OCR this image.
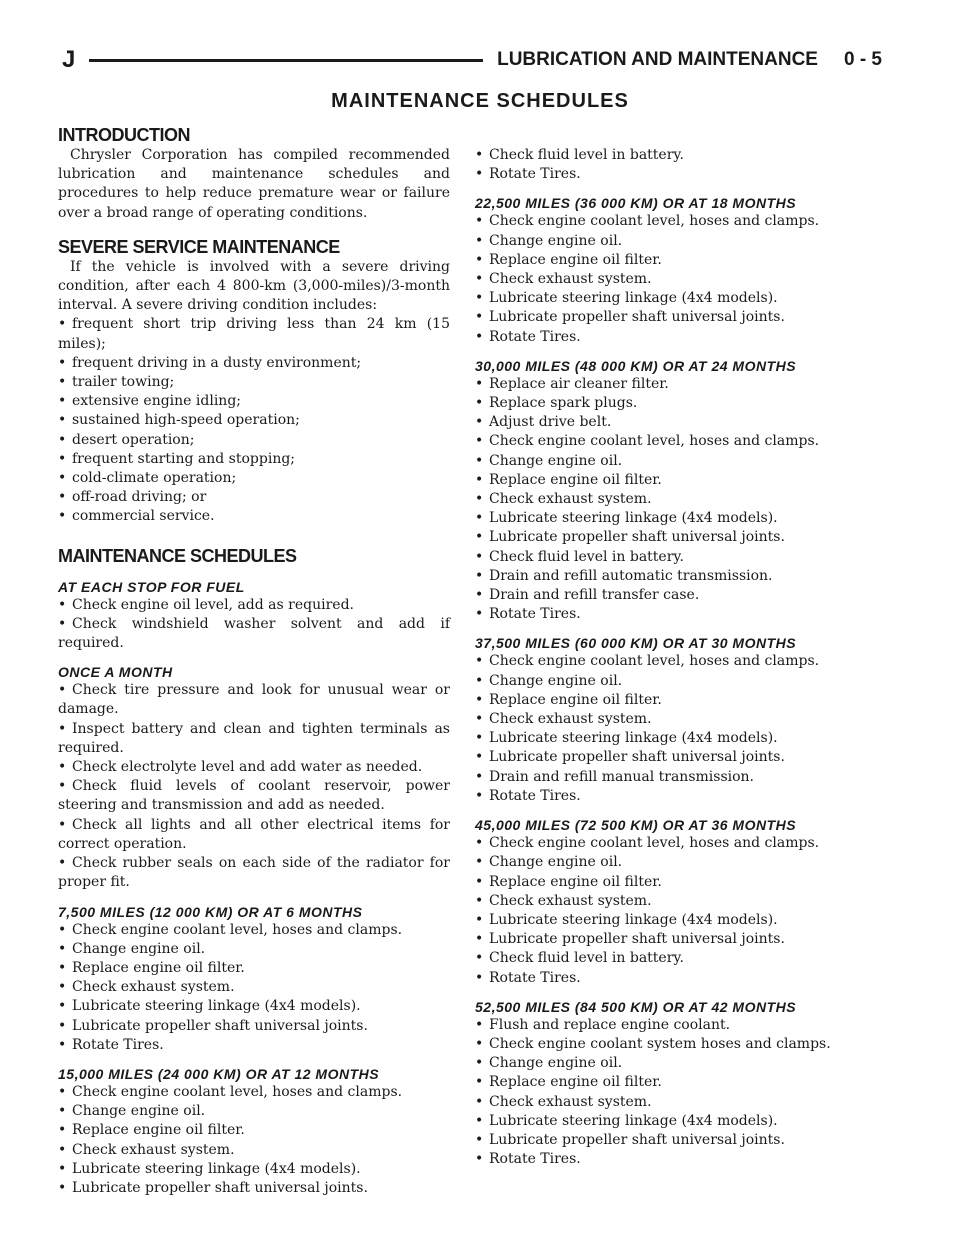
J	LUBRICATION AND MAINTENANCE 0 - 5
MAINTENANCE SCHEDULES
INTRODUCTION

Chrysler Corporation has compiled recommended lubrication and maintenance schedules and procedures to help reduce premature wear or failure over a broad range of operating conditions.

SEVERE SERVICE MAINTENANCE

If the vehicle is involved with a severe driving condition, after each 4 800-km (3,000-miles)/3-month interval. A severe driving condition includes:

• frequent short trip driving less than 24 km (15 miles);
• frequent driving in a dusty environment;
• trailer towing;
• extensive engine idling;
• sustained high-speed operation;
• desert operation;
• frequent starting and stopping;
• cold-climate operation;
• off-road driving; or
• commercial service.
MAINTENANCE SCHEDULES
AT EACH STOP FOR FUEL
• Check engine oil level, add as required.
• Check windshield washer solvent and add if required.
ONCE A MONTH
• Check tire pressure and look for unusual wear or damage.
• Inspect battery and clean and tighten terminals as required.
• Check electrolyte level and add water as needed.
• Check fluid levels of coolant reservoir, power steering and transmission and add as needed.
• Check all lights and all other electrical items for correct operation.
• Check rubber seals on each side of the radiator for proper fit.
7,500 MILES (12 000 KM) OR AT 6 MONTHS
• Check engine coolant level, hoses and clamps.
• Change engine oil.
• Replace engine oil filter.
• Check exhaust system.
• Lubricate steering linkage (4x4 models).
• Lubricate propeller shaft universal joints.
• Rotate Tires.
15,000 MILES (24 000 KM) OR AT 12 MONTHS
• Check engine coolant level, hoses and clamps.
• Change engine oil.
• Replace engine oil filter.
• Check exhaust system.
• Lubricate steering linkage (4x4 models).
• Lubricate propeller shaft universal joints.
• Check fluid level in battery.
• Rotate Tires.
22,500 MILES (36 000 KM) OR AT 18 MONTHS
• Check engine coolant level, hoses and clamps.
• Change engine oil.
• Replace engine oil filter.
• Check exhaust system.
• Lubricate steering linkage (4x4 models).
• Lubricate propeller shaft universal joints.
• Rotate Tires.
30,000 MILES (48 000 KM) OR AT 24 MONTHS
• Replace air cleaner filter.
• Replace spark plugs.
• Adjust drive belt.
• Check engine coolant level, hoses and clamps.
• Change engine oil.
• Replace engine oil filter.
• Check exhaust system.
• Lubricate steering linkage (4x4 models).
• Lubricate propeller shaft universal joints.
• Check fluid level in battery.
• Drain and refill automatic transmission.
• Drain and refill transfer case.
• Rotate Tires.
37,500 MILES (60 000 KM) OR AT 30 MONTHS
• Check engine coolant level, hoses and clamps.
• Change engine oil.
• Replace engine oil filter.
• Check exhaust system.
• Lubricate steering linkage (4x4 models).
• Lubricate propeller shaft universal joints.
• Drain and refill manual transmission.
• Rotate Tires.
45,000 MILES (72 500 KM) OR AT 36 MONTHS
• Check engine coolant level, hoses and clamps.
• Change engine oil.
• Replace engine oil filter.
• Check exhaust system.
• Lubricate steering linkage (4x4 models).
• Lubricate propeller shaft universal joints.
• Check fluid level in battery.
• Rotate Tires.
52,500 MILES (84 500 KM) OR AT 42 MONTHS
• Flush and replace engine coolant.
• Check engine coolant system hoses and clamps.
• Change engine oil.
• Replace engine oil filter.
• Check exhaust system.
• Lubricate steering linkage (4x4 models).
• Lubricate propeller shaft universal joints.
• Rotate Tires.
